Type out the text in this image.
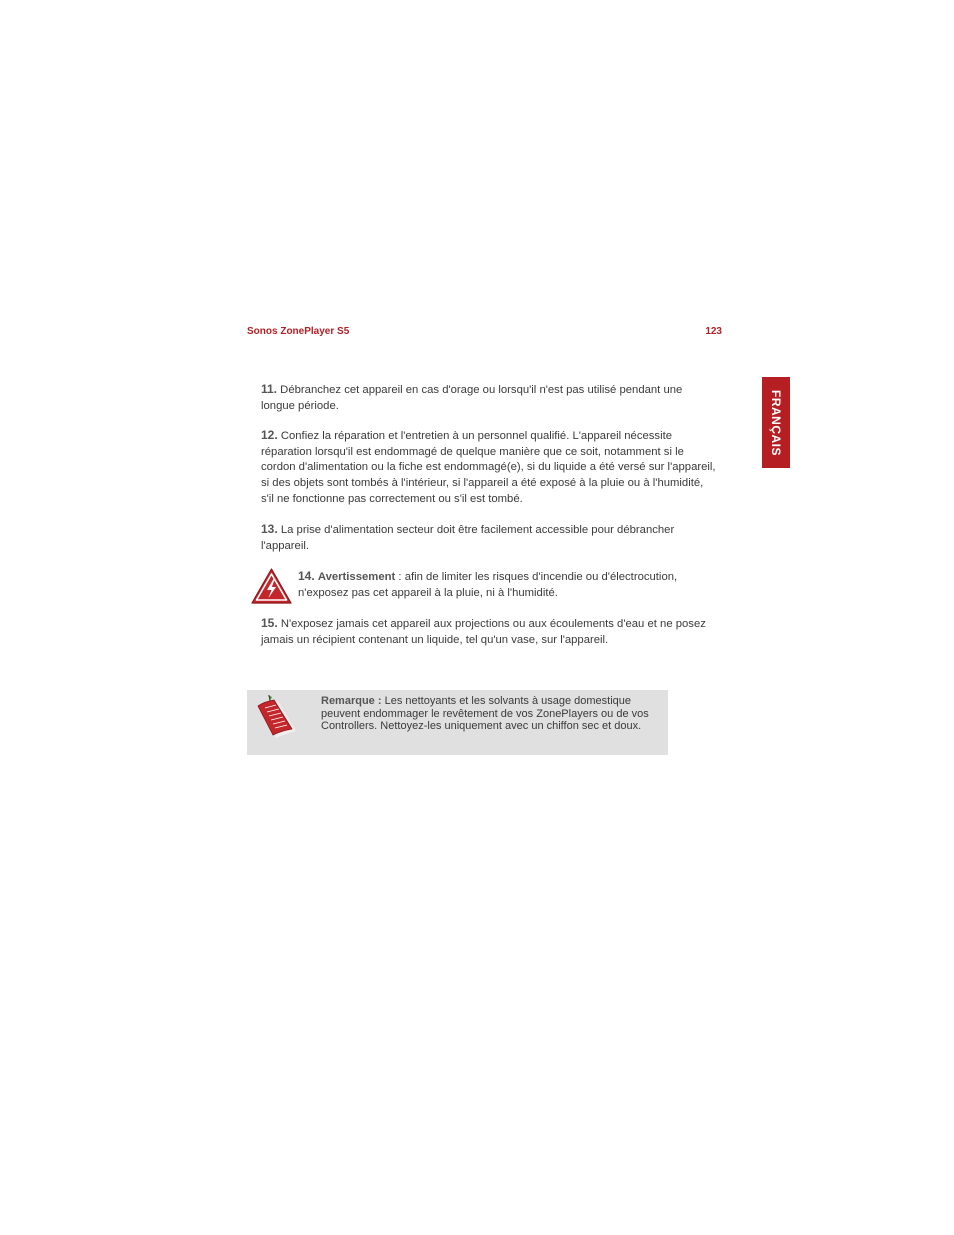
Sonos ZonePlayer S5	123
FRANÇAIS
11. Débranchez cet appareil en cas d'orage ou lorsqu'il n'est pas utilisé pendant une longue période.
12. Confiez la réparation et l'entretien à un personnel qualifié. L'appareil nécessite réparation lorsqu'il est endommagé de quelque manière que ce soit, notamment si le cordon d'alimentation ou la fiche est endommagé(e), si du liquide a été versé sur l'appareil, si des objets sont tombés à l'intérieur, si l'appareil a été exposé à la pluie ou à l'humidité, s'il ne fonctionne pas correctement ou s'il est tombé.
13. La prise d'alimentation secteur doit être facilement accessible pour débrancher l'appareil.
14. Avertissement : afin de limiter les risques d'incendie ou d'électrocution, n'exposez pas cet appareil à la pluie, ni à l'humidité.
15. N'exposez jamais cet appareil aux projections ou aux écoulements d'eau et ne posez jamais un récipient contenant un liquide, tel qu'un vase, sur l'appareil.
Remarque : Les nettoyants et les solvants à usage domestique peuvent endommager le revêtement de vos ZonePlayers ou de vos Controllers. Nettoyez-les uniquement avec un chiffon sec et doux.
